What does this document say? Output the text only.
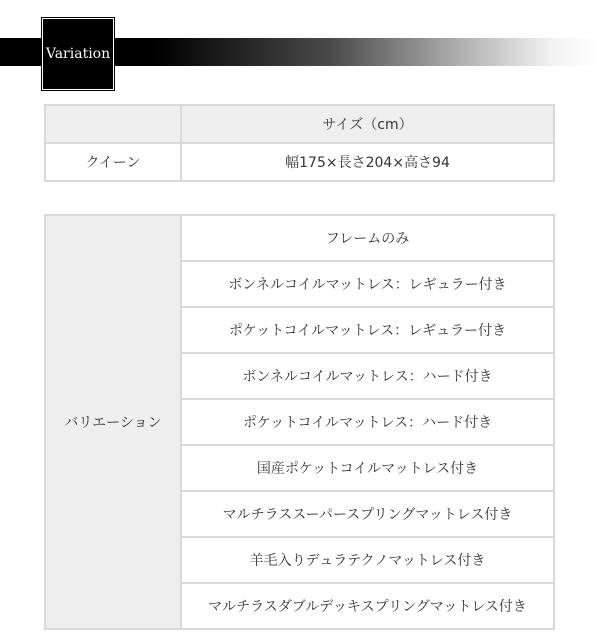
Variation
	サイズ（cm）
クイーン	幅175×長さ204×高さ94
バリエーション	フレームのみ
ボンネルコイルマットレス：レギュラー付き
ポケットコイルマットレス：レギュラー付き
ボンネルコイルマットレス：ハード付き
ポケットコイルマットレス：ハード付き
国産ポケットコイルマットレス付き
マルチラススーパースプリングマットレス付き
羊毛入りデュラテクノマットレス付き
マルチラスダブルデッキスプリングマットレス付き
